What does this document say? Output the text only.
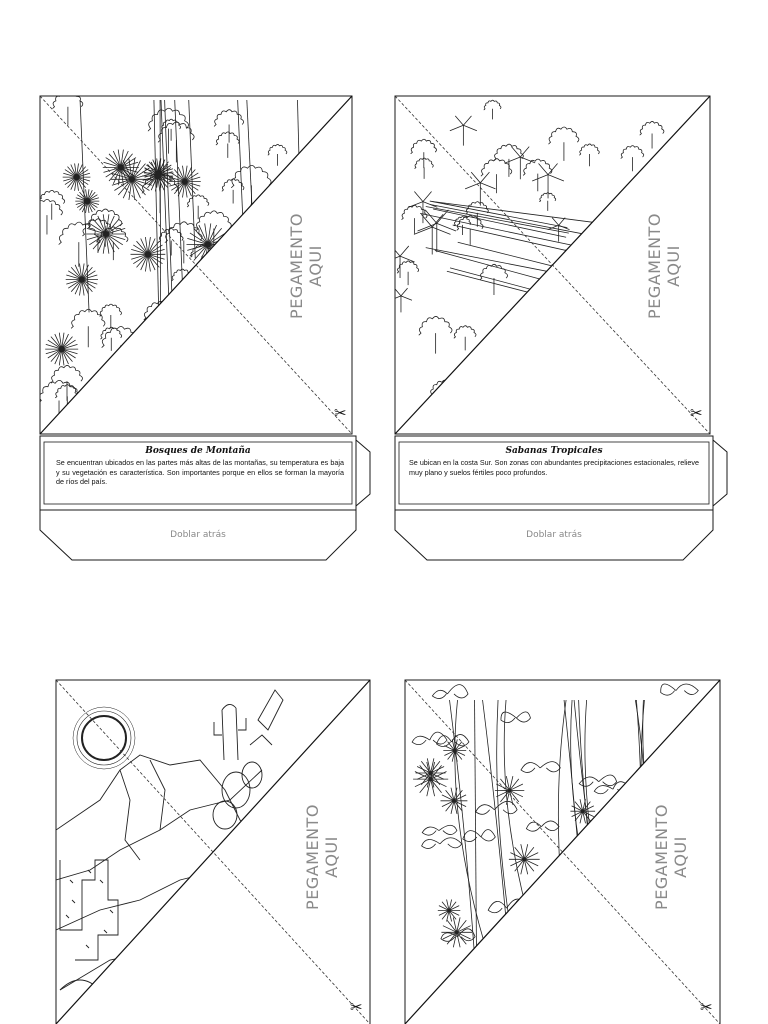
PEGAMENTO AQUI	PEGAMENTO AQUI
PEGAMENTO AQUI	PEGAMENTO AQUI
Bosques de Montaña
Se encuentran ubicados en las partes más altas de las montañas, su temperatura es baja y su vegetación es característica. Son importantes porque en ellos se forman la mayoría de ríos del país.
Sabanas Tropicales
Se ubican en la costa Sur. Son zonas con abundantes precipitaciones estacionales, relieve muy plano y suelos fértiles poco profundos.
Doblar atrás	Doblar atrás
✂	✂
✂	✂
